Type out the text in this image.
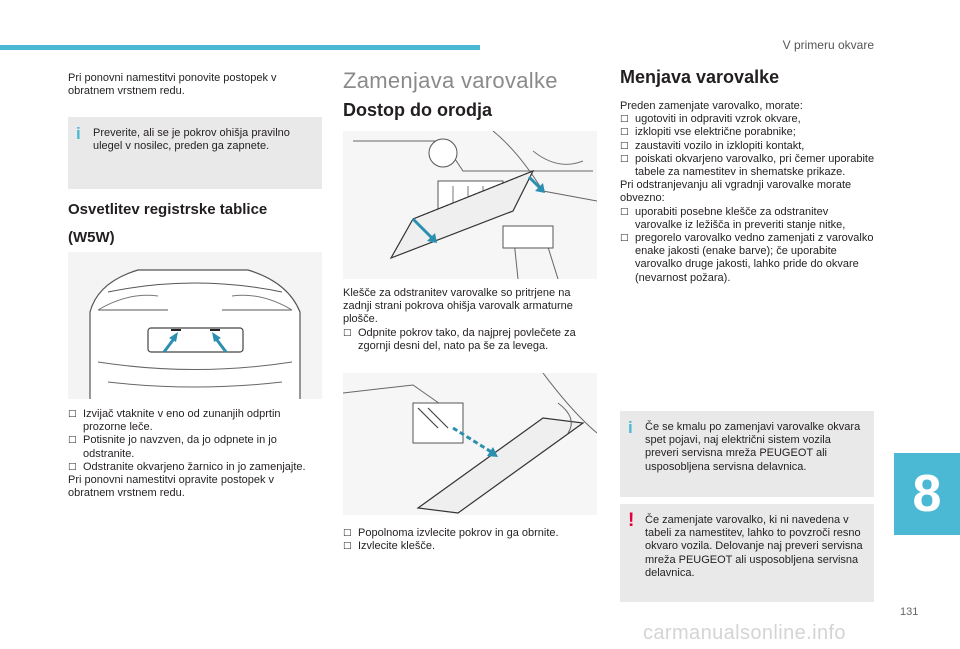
V primeru okvare
Pri ponovni namestitvi ponovite postopek v obratnem vrstnem redu.
i Preverite, ali se je pokrov ohišja pravilno ulegel v nosilec, preden ga zapnete.
Osvetlitev registrske tablice
(W5W)
□ Izvijač vtaknite v eno od zunanjih odprtin prozorne leče.
□ Potisnite jo navzven, da jo odpnete in jo odstranite.
□ Odstranite okvarjeno žarnico in jo zamenjajte.
Pri ponovni namestitvi opravite postopek v obratnem vrstnem redu.
Zamenjava varovalke
Dostop do orodja
Klešče za odstranitev varovalke so pritrjene na zadnji strani pokrova ohišja varovalk armaturne plošče.
□ Odpnite pokrov tako, da najprej povlečete za zgornji desni del, nato pa še za levega.
□ Popolnoma izvlecite pokrov in ga obrnite.
□ Izvlecite klešče.
Menjava varovalke
Preden zamenjate varovalko, morate:
□ ugotoviti in odpraviti vzrok okvare,
□ izklopiti vse električne porabnike;
□ zaustaviti vozilo in izklopiti kontakt,
□ poiskati okvarjeno varovalko, pri čemer uporabite tabele za namestitev in shematske prikaze.
Pri odstranjevanju ali vgradnji varovalke morate obvezno:
□ uporabiti posebne klešče za odstranitev varovalke iz ležišča in preveriti stanje nitke,
□ pregorelo varovalko vedno zamenjati z varovalko enake jakosti (enake barve); če uporabite varovalko druge jakosti, lahko pride do okvare (nevarnost požara).
i Če se kmalu po zamenjavi varovalke okvara spet pojavi, naj električni sistem vozila preveri servisna mreža PEUGEOT ali usposobljena servisna delavnica.
! Če zamenjate varovalko, ki ni navedena v tabeli za namestitev, lahko to povzroči resno okvaro vozila. Delovanje naj preveri servisna mreža PEUGEOT ali usposobljena servisna delavnica.
8
131
carmanualsonline.info
